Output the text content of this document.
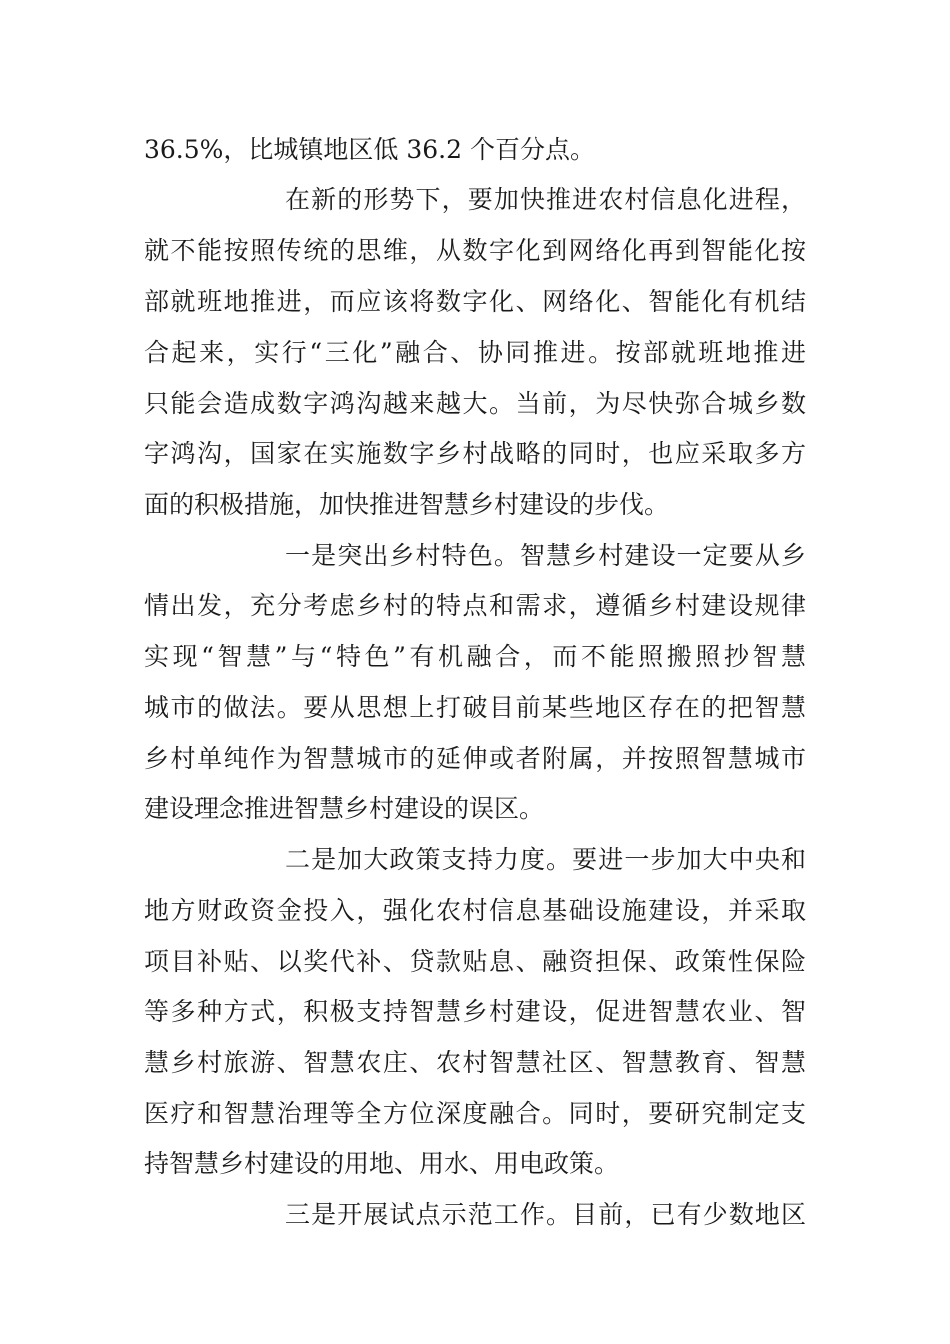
36.5%，比城镇地区低 36.2 个百分点。
在新的形势下，要加快推进农村信息化进程，
就不能按照传统的思维，从数字化到网络化再到智能化按
部就班地推进，而应该将数字化、网络化、智能化有机结
合起来，实行“三化”融合、协同推进。按部就班地推进
只能会造成数字鸿沟越来越大。当前，为尽快弥合城乡数
字鸿沟，国家在实施数字乡村战略的同时，也应采取多方
面的积极措施，加快推进智慧乡村建设的步伐。
一是突出乡村特色。智慧乡村建设一定要从乡
情出发，充分考虑乡村的特点和需求，遵循乡村建设规律
实现“智慧”与“特色”有机融合，而不能照搬照抄智慧
城市的做法。要从思想上打破目前某些地区存在的把智慧
乡村单纯作为智慧城市的延伸或者附属，并按照智慧城市
建设理念推进智慧乡村建设的误区。
二是加大政策支持力度。要进一步加大中央和
地方财政资金投入，强化农村信息基础设施建设，并采取
项目补贴、以奖代补、贷款贴息、融资担保、政策性保险
等多种方式，积极支持智慧乡村建设，促进智慧农业、智
慧乡村旅游、智慧农庄、农村智慧社区、智慧教育、智慧
医疗和智慧治理等全方位深度融合。同时，要研究制定支
持智慧乡村建设的用地、用水、用电政策。
三是开展试点示范工作。目前，已有少数地区
